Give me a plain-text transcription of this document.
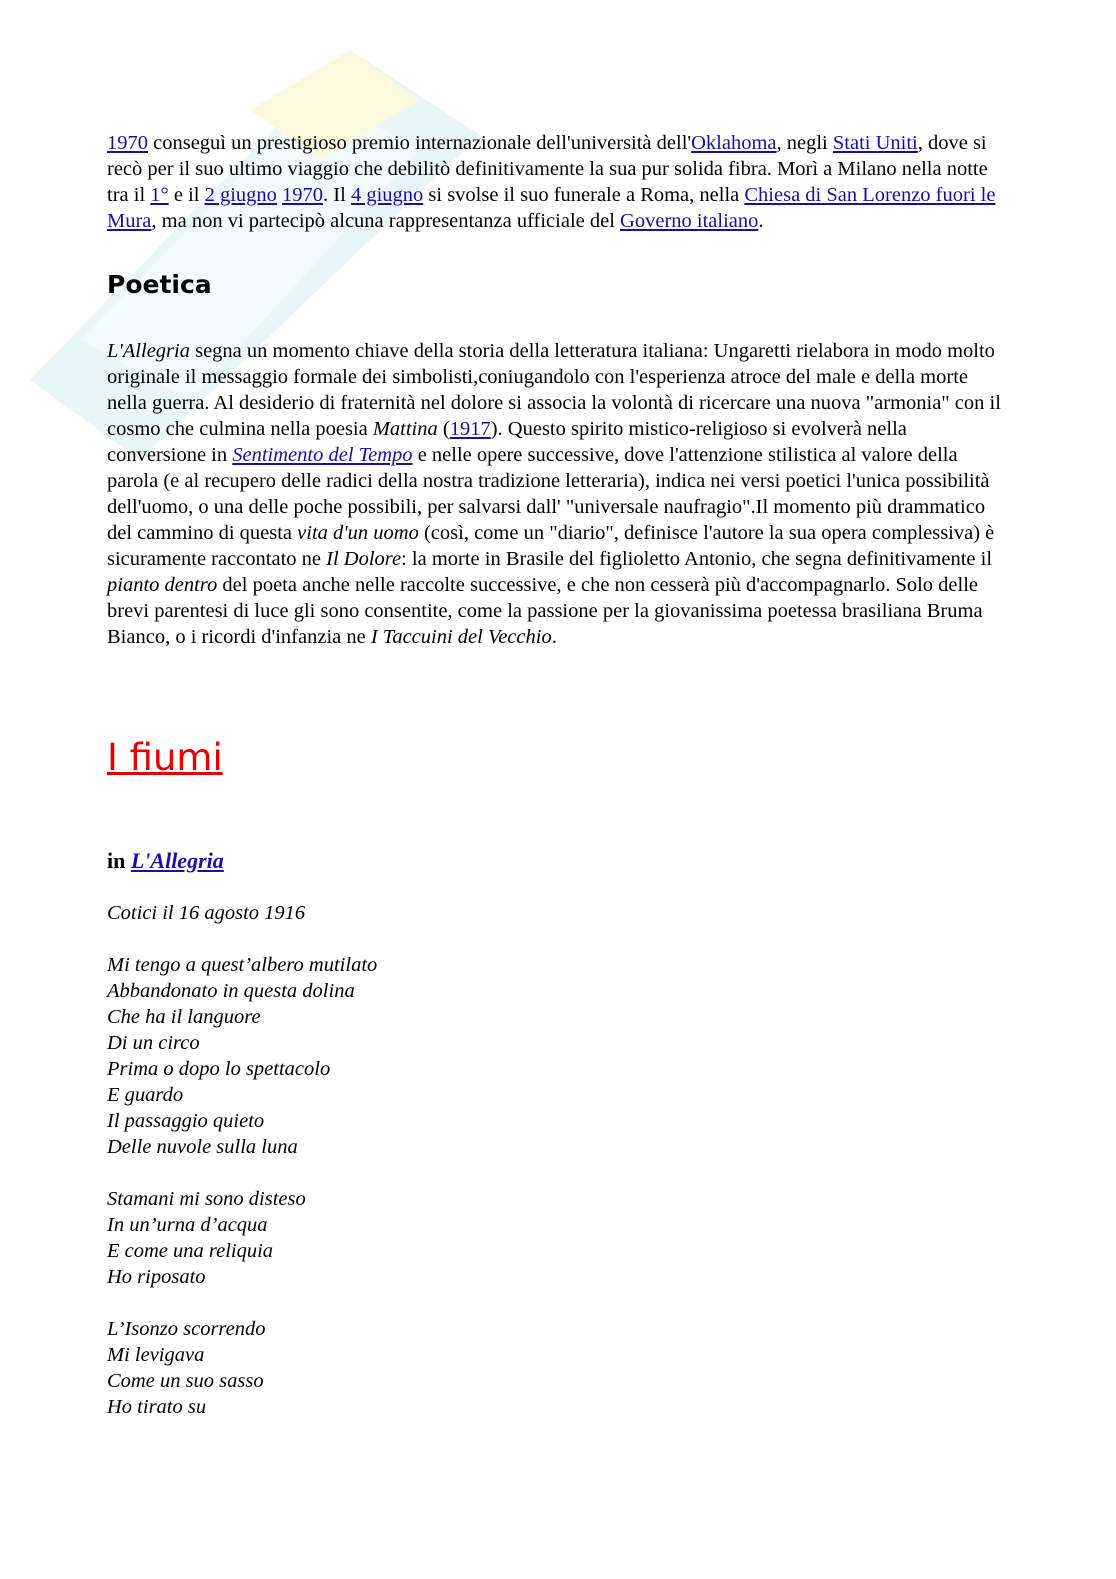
1970 conseguì un prestigioso premio internazionale dell'università dell'Oklahoma, negli Stati Uniti, dove si recò per il suo ultimo viaggio che debilitò definitivamente la sua pur solida fibra. Morì a Milano nella notte tra il 1° e il 2 giugno 1970. Il 4 giugno si svolse il suo funerale a Roma, nella Chiesa di San Lorenzo fuori le Mura, ma non vi partecipò alcuna rappresentanza ufficiale del Governo italiano.

Poetica

L'Allegria segna un momento chiave della storia della letteratura italiana: Ungaretti rielabora in modo molto originale il messaggio formale dei simbolisti,coniugandolo con l'esperienza atroce del male e della morte nella guerra. Al desiderio di fraternità nel dolore si associa la volontà di ricercare una nuova "armonia" con il cosmo che culmina nella poesia Mattina (1917). Questo spirito mistico-religioso si evolverà nella conversione in Sentimento del Tempo e nelle opere successive, dove l'attenzione stilistica al valore della parola (e al recupero delle radici della nostra tradizione letteraria), indica nei versi poetici l'unica possibilità dell'uomo, o una delle poche possibili, per salvarsi dall' "universale naufragio".Il momento più drammatico del cammino di questa vita d'un uomo (così, come un "diario", definisce l'autore la sua opera complessiva) è sicuramente raccontato ne Il Dolore: la morte in Brasile del figlioletto Antonio, che segna definitivamente il pianto dentro del poeta anche nelle raccolte successive, e che non cesserà più d'accompagnarlo. Solo delle brevi parentesi di luce gli sono consentite, come la passione per la giovanissima poetessa brasiliana Bruma Bianco, o i ricordi d'infanzia ne I Taccuini del Vecchio.

I fiumi
in L'Allegria
Cotici il 16 agosto 1916
Mi tengo a quest’albero mutilato
Abbandonato in questa dolina
Che ha il languore
Di un circo
Prima o dopo lo spettacolo
E guardo
Il passaggio quieto
Delle nuvole sulla luna
Stamani mi sono disteso
In un’urna d’acqua
E come una reliquia
Ho riposato
L’Isonzo scorrendo
Mi levigava
Come un suo sasso
Ho tirato su
